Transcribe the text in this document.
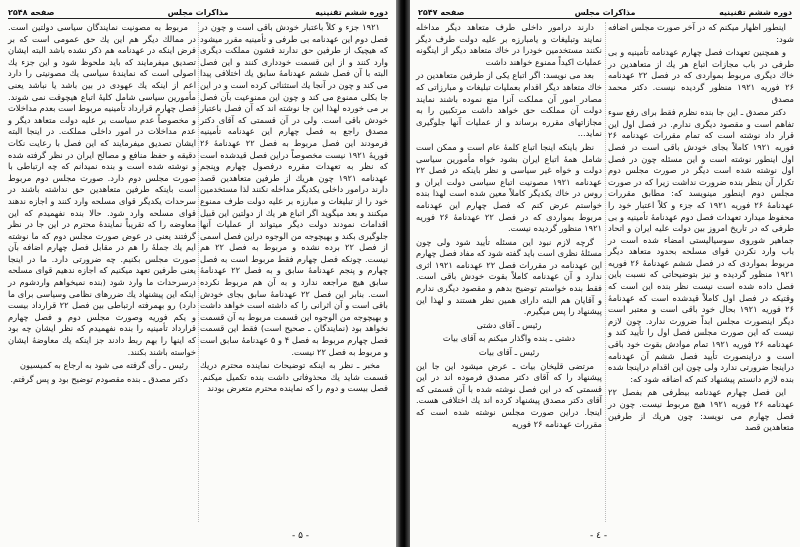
دوره ششم تقنینیه
مذاکرات مجلس
صفحه ۲۵۴۸

۱۹۲۱ جزء و کلاً باعتبار خودش باقی است و چون در فصل دوم این عهدنامه بی طرفی و تأمینیه مقرر میشود که هیچیک از طرفین حق ندارند قشون مملکت دیگری وارد کنند و از این قسمت خودداری کنند و این فصل البته با آن فصل ششم عهدنامهٔ سابق یك اختلافی پیدا می کند و چون در آنجا یك استثنائی کرده است و در این جا بکلی ممنوع می کند و چون این ممنوعیت بآن فصل بر می خورده لهذا این جا نوشته اند که آن فصل باعتبار خودش باقی است. ولی در آن قسمتی که آقای دکتر مصدق راجع به فصل چهارم این عهدنامه تأمینیه فرمودند این فصل مربوط به فصل ۲۲ عهدنامهٔ ۲۶ فوریهٔ ۱۹۲۱ نیست مخصوصاً دراین فصل قیدشده است که نظر به تعهدات مقرره درفصول چهارم وپنجم عهدنامه ۱۹۲۱ چون هریك از طرفین متعاهدین قصد دارند درامور داخلی یکدیگر مداخله نکنند لذا مستخدمین خود را از تبلیغات و مبارزه بر علیه دولت طرف ممنوع میکنند و بعد میگوید اگر اتباع هر یك از دولتین این قبیل اقدامات نمودند دولت دیگر میتواند از عملیات آنها جلوگیری بکند و بهیچوجه من الوجوه دراین فصل اسمی از فصل ۲۲ برده نشده و مربوط به فصل ۲۲ هم نیست. چونکه فصل چهارم فقط مربوط است به فصل چهارم و پنجم عهدنامهٔ سابق و به فصل ۲۲ عهدنامهٔ سابق هیچ مراجعه ندارد و به آن هم مربوط نکرده است. بنابر این فصل ۲۲ عهدنامهٔ سابق بجای خودش باقی است و آن اثرانی را که داشته است خواهد داشت و بهیچوجه من الوجوه این قسمت مربوط به آن قسمت نخواهد بود (نمایندگان ـ صحیح است) فقط این قسمت فصل چهارم مربوط به فصل ۴ و ۵ عهدنامهٔ سابق است و مربوط به فصل ۲۲ نیست.

مخبر ـ نظر به اینکه توضیحات نماینده محترم دریك قسمت شاید یك محذوفاتی داشت بنده تکمیل میکنم. فصل بیست و دوم را که نماینده محترم متعرض بودند

مربوط به مصونیت نمایندگان سیاسی دولتین است. در ممالك دیگر هم این یك حق عمومی است که بر فرض اینکه در عهدنامه هم ذکر نشده باشد البته ایشان تصدیق میفرمایند که باید ملحوظ شود و این جزء یك اصولی است که نمایندهٔ سیاسی یك مصونیتی را دارد اعم از اینکه یك عهودی در بین باشد یا نباشد یعنی مأمورین سیاسی شامل کلیهٔ اتباع هیچوقت نمی شوند. فصل چهارم قرارداد تأمینیه مربوط است بعدم مداخلات و مخصوصاً عدم سیاست بر علیه دولت متعاهد دیگر و عدم مداخلات در امور داخلی مملکت. در اینجا البته ایشان تصدیق میفرمایند که این فصل با رعایت نکات دقیقه و حفظ منافع و مصالح ایران در نظر گرفته شده و نوشته شده است و بنده نمیدانم که چه ارتباطی با صورت مجلس دوم دارد. صورت مجلس دوم مربوط است باینکه طرفین متعاهدین حق نداشته باشند در سرحدات یکدیگر قوای مسلحه وارد کنند و اجازه ندهند قوای مسلحه وارد شود. حالا بنده نفهمیدم که این معاوضه را که تقریباً نمایندهٔ محترم در این جا در نظر گرفتند یعنی در عوض صورت مجلس دوم که ما نوشته ایم یك جملهٔ را هم در مقابل فصل چهارم اضافه بآن صورت مجلس بکنیم. چه ضرورتی دارد. ما در اینجا یعنی طرفین تعهد میکنیم که اجازه ندهیم قوای مسلحه درسرحدات ما وارد شود (بنده نمیخواهم واردشوم در اینکه این پیشنهاد یك ضررهای نظامی وسیاسی برای ما دارد) رو بهمرفته ارتباطی بین فصل ۲۲ قرارداد بیست و یکم فوریه وصورت مجلس دوم و فصل چهارم قرارداد تأمینیه را بنده نفهمیدم که نظر ایشان چه بود که اینها را بهم ربط دادند جز اینکه یك معاوضهٔ ایشان خواسته باشند بکنند.

رئیس ـ رأی گرفته می شود به ارجاع به کمیسیون

دکتر مصدق ـ بنده مقصودم توضیح بود و پس گرفتم.

- ۵ -
دوره ششم تقنینیه
مذاکرات مجلس
صفحه ۲۵۴۷

دارند درامور داخلی طرف متعاهد دیگر مداخله نمایند وتبلیغات و یامبارزه بر علیه دولت طرف دیگر نکنند مستخدمین خودرا در خاك متعاهد دیگر از اینگونه عملیات اکیداً ممنوع خواهند داشت

بعد می نویسد: اگر اتباع یکی از طرفین متعاهدین در خاك متعاهد دیگر اقدام بعملیات تبلیغات و مبارزاتی که مصادر امور آن مملکت آنرا منع نموده باشند نمایند دولت آن مملکت حق خواهد داشت مرتکبین را به مجازاتهای مقرره برساند و از عملیات آنها جلوگیری نماید...

نظر باینکه اینجا اتباع کلمهٔ عام است و ممکن است شامل همهٔ اتباع ایران بشود خواه مأمورین سیاسی دولت و خواه غیر سیاسی و نظر باینکه در فصل ۲۲ عهدنامه ۱۹۲۱ مصونیت اتباع سیاسی دولت ایران و روس در خاك یکدیگر کاملاً معین شده است لهذا بنده خواستم عرض کنم که فصل چهارم این عهدنامه مربوط بمواردی که در فصل ۲۲ عهدنامهٔ ۲۶ فوریه ۱۹۲۱ منظور گردیده نیست.

گرچه لازم نبود این مسئله تأیید شود ولی چون مسئلهٔ نظری است باید گفته شود که مفاد فصل چهارم این عهدنامه در مقررات فصل ۲۲ عهدنامه ۱۹۲۱ اثری ندارد و آن عهدنامه کاملاً بقوت خودش باقی است. فقط بنده خواستم توضیح بدهم و مقصود دیگری ندارم و آقایان هم البته دارای همین نظر هستند و لهذا این پیشنهاد را پس میگیرم.

رئیس ـ آقای دشتی

دشتی ـ بنده واگذار میکنم به آقای بیات

رئیس ـ آقای بیات

مرتضی قلیخان بیات ـ عرض میشود این جا این پیشنهاد را که آقای دکتر مصدق فرموده اند در این قسمتی که در این فصل نوشته شده با آن قسمتی که آقای دکتر مصدق پیشنهاد کرده اند یك اختلافی هست. اینجا. دراین صورت مجلس نوشته شده است که مقررات عهدنامه ۲۶ فوریه

اینطور اظهار میکنم که در آخر صورت مجلس اضافه شود:

و همچنین تعهدات فصل چهارم عهدنامه تأمینیه و بی طرفی در باب مجازات اتباع هر یك از متعاهدین در خاك دیگری مربوط بمواردی که در فصل ۲۲ عهدنامه ۲۶ فوریه ۱۹۲۱ منظور گردیده نیست. دکتر محمد مصدق

دکتر مصدق ـ این جا بنده نظرم فقط برای رفع سوء تفاهم است و مقصود دیگری ندارم. در فصل اول این قرار داد نوشته است که تمام مقررات عهدنامه ۲۶ فوریه ۱۹۲۱ کاملاً بجای خودش باقی است در فصل اول اینطور نوشته است و این مسئله چون در فصل اول نوشته شده است دیگر در صورت مجلس دوم تکرار آن بنظر بنده ضرورت نداشت زیرا که در صورت مجلس دوم اینطور مینویسد که: مطابق مقررات عهدنامهٔ ۲۶ فوریه ۱۹۲۱ که جزء و کلاً اعتبار خود را محفوظ میدارد تعهدات فصل دوم عهدنامهٔ تأمینیه و بی طرفی که در تاریخ امروز بین دولت علیه ایران و اتحاد جماهیر شوروی سوسیالیستی امضاء شده است در باب وارد نکردن قوای مسلحه بحدود متعاهد دیگر مربوط بمواردی که در فصل ششم عهدنامهٔ ۲۶ فوریه ۱۹۲۱ منظور گردیده و نیز بتوضیحاتی که نسبت باین فصل داده شده است نیست نظر بنده این است که وقتیکه در فصل اول کاملاً قیدشده است که عهدنامهٔ ۲۶ فوریه ۱۹۲۱ بحال خود باقی است و معتبر است دیگر اینصورت مجلس ابداً ضرورت ندارد. چون لازم نیست که این صورت مجلس فصل اول را تأیید کند و عهدنامه ۲۶ فوریه ۱۹۲۱ تمام موادش بقوت خود باقی است و دراینصورت تأیید فصل ششم آن عهدنامه دراینجا ضرورتی ندارد ولی چون این اقدام دراینجا شده بنده لازم دانستم پیشنهاد کنم که اضافه شود که:

این فصل چهارم عهدنامه بیطرفی هم بفصل ۲۲ عهدنامه ۲۶ فوریه ۱۹۲۱ هیچ مربوط نیست. چون در فصل چهارم می نویسد: چون هریك از طرفین متعاهدین قصد

- ٤ -
